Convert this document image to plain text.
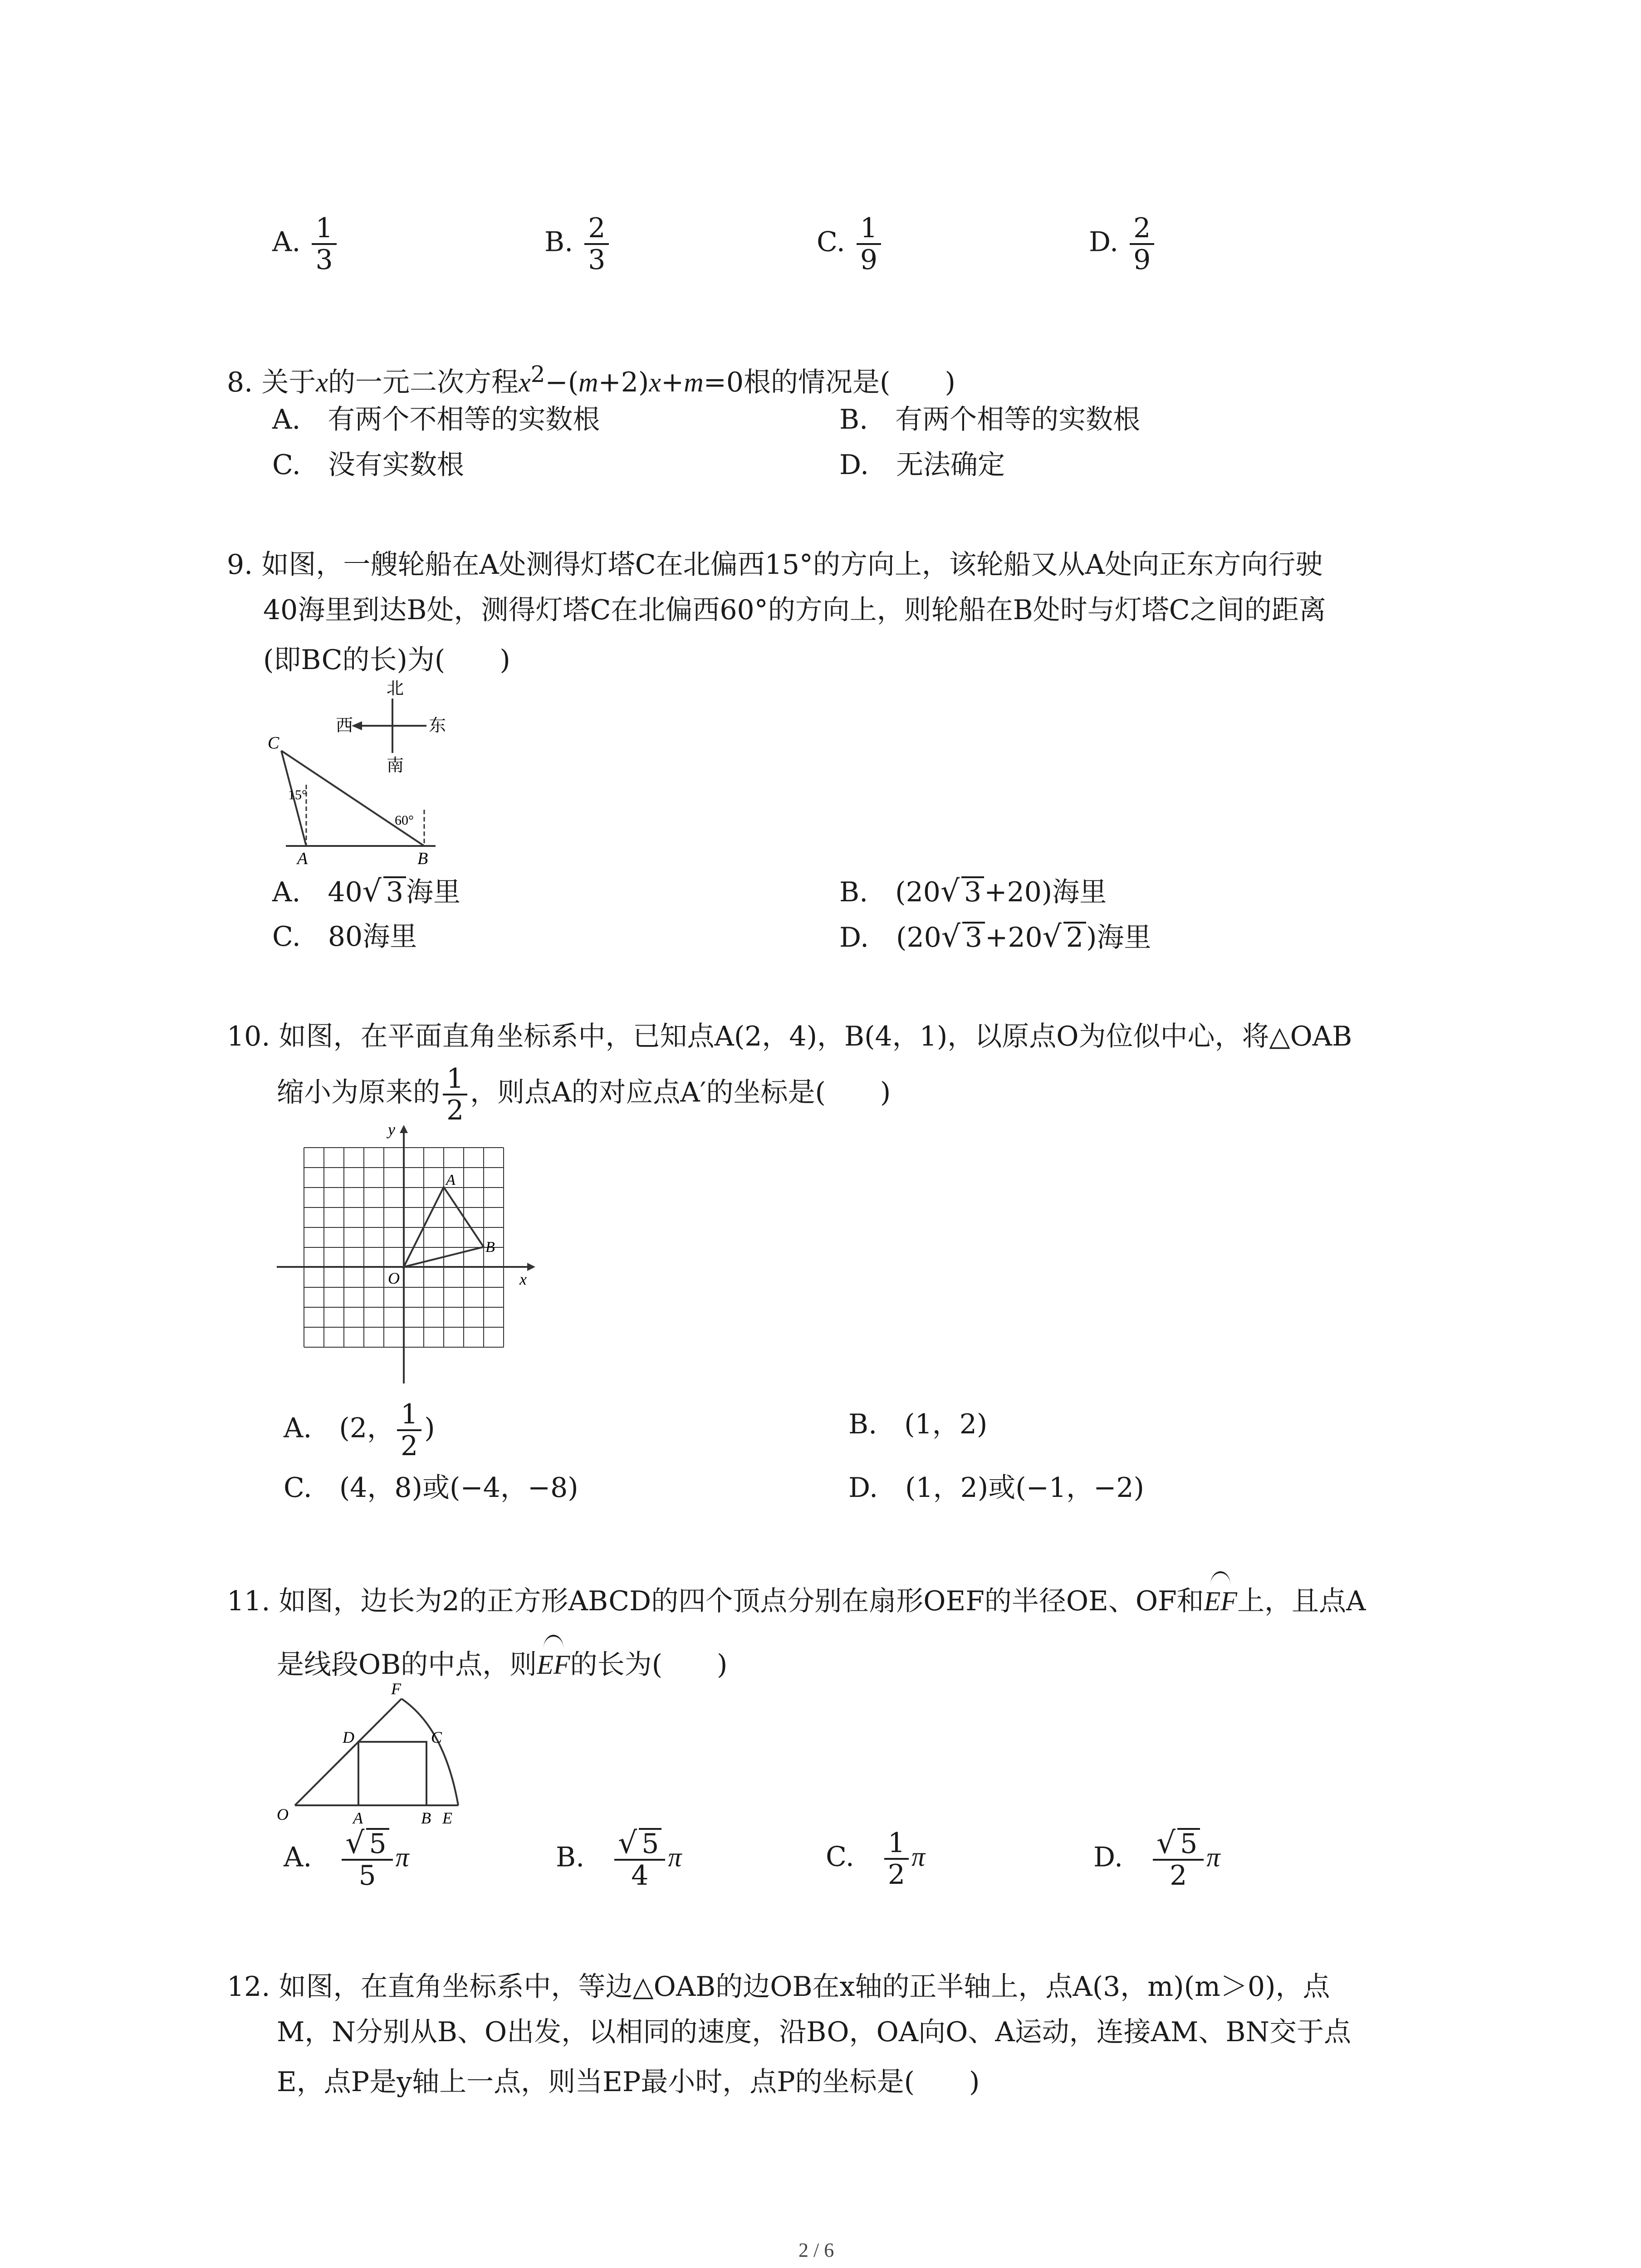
A. $\frac{1}{3}$	B. $\frac{2}{3}$	C. $\frac{1}{9}$	D. $\frac{2}{9}$
8. 关于x的一元二次方程$x^2-(m+2)x+m=0$根的情况是(　　)
A.　 有两个不相等的实数根	B.　 有两个相等的实数根
C.　 没有实数根	D.　 无法确定
9. 如图，一艘轮船在A处测得灯塔C在北偏西15°的方向上，该轮船又从A处向正东方向行驶
40海里到达B处，测得灯塔C在北偏西60°的方向上，则轮船在B处时与灯塔C之间的距离
(即BC的长)为(　　)
北
西	东
南
C
A	B
15°
60°
A.　 40√ 3 海里	B.　 (20√ 3 +20)海里
C.　 80海里	D.　 (20√ 3 +20√ 2 )海里
10. 如图，在平面直角坐标系中，已知点A(2，4)，B(4，1)，以原点O为位似中心，将△OAB
缩小为原来的 $\frac{1}{2}$ ，则点A的对应点A′的坐标是(　　)
y
x
O
A
B
A.　 (2， $\frac{1}{2}$ )	B.　 (1，2)
C.　 (4，8)或(−4，−8)	D.　 (1，2)或(−1，−2)
11. 如图，边长为2的正方形ABCD的四个顶点分别在扇形OEF的半径OE、OF和EF上，且点A
是线段OB的中点，则EF的长为(　　)
F
D	C
O	A	B E
A.　 $\frac{√ 5}{5}$ π	B.　 $\frac{√ 5}{4}$ π	C.　 $\frac{1}{2}$ π	D.　 $\frac{√ 5}{2}$ π
12. 如图，在直角坐标系中，等边△OAB的边OB在x轴的正半轴上，点A(3，m)(m＞0)，点
M，N分别从B、O出发，以相同的速度，沿BO，OA向O、A运动，连接AM、BN交于点
E，点P是y轴上一点，则当EP最小时，点P的坐标是(　　)
2 / 6
